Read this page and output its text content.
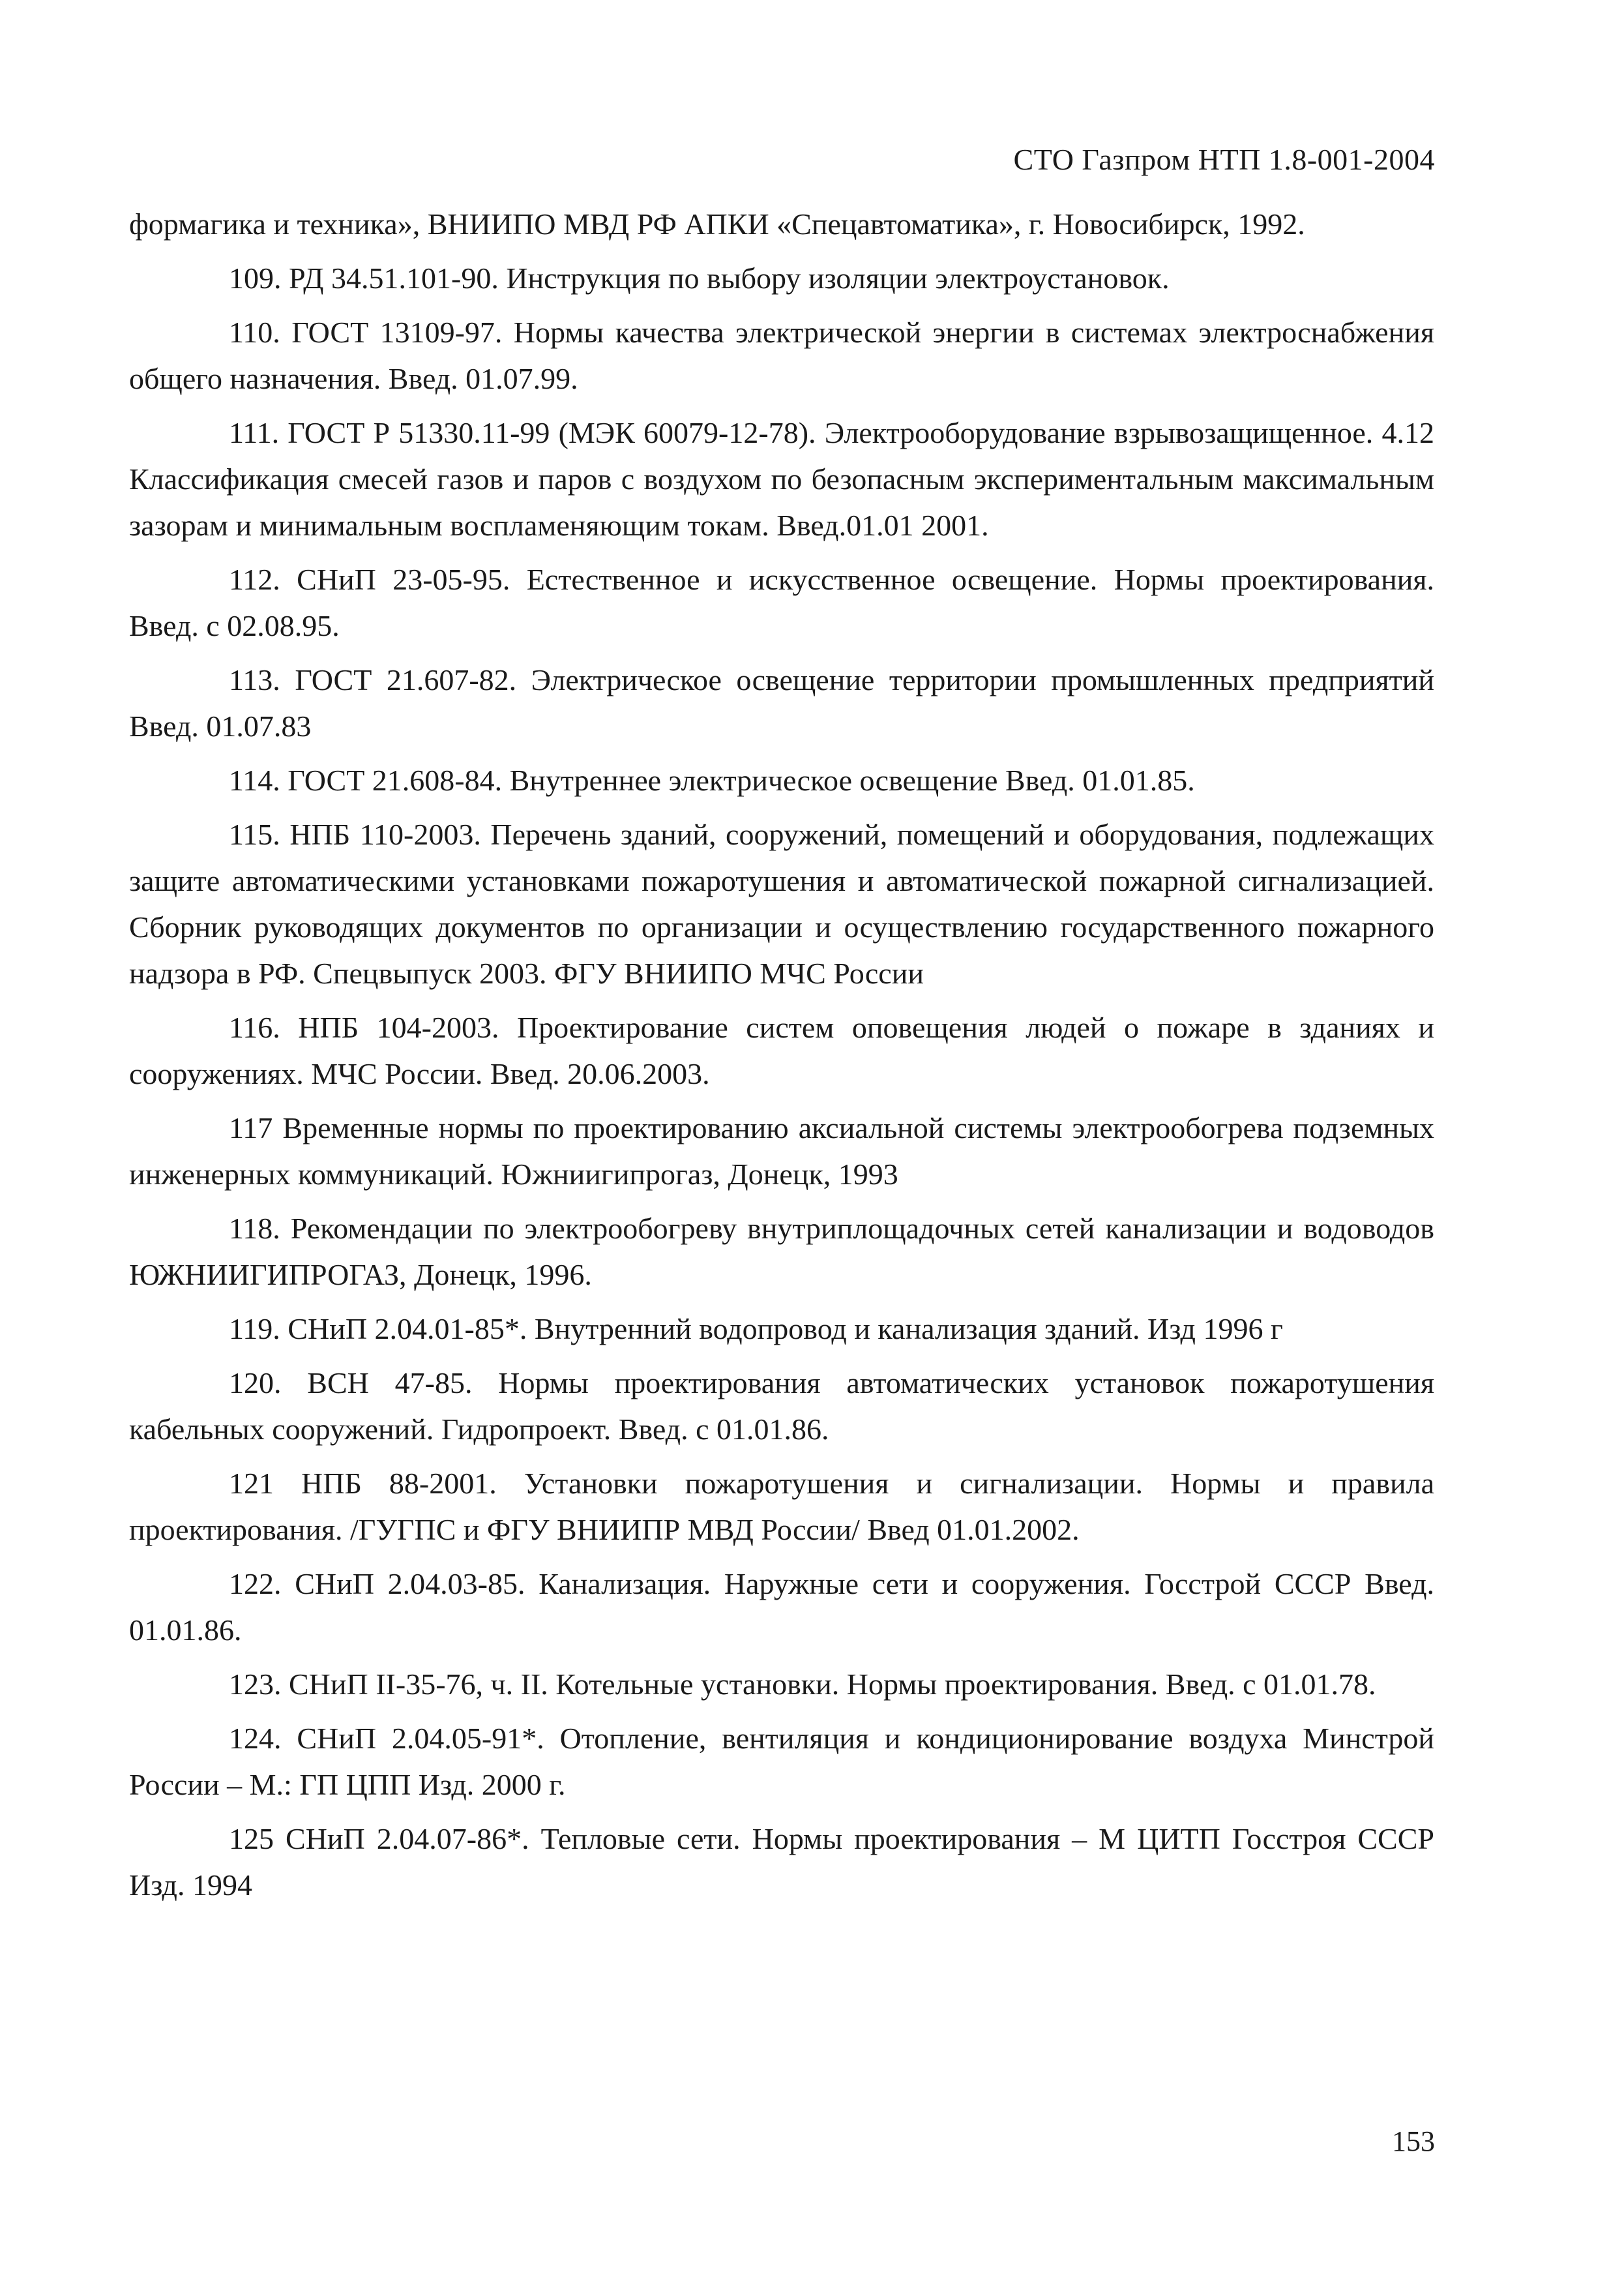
СТО Газпром НТП 1.8-001-2004

формагика и техника», ВНИИПО МВД РФ АПКИ «Спецавтоматика», г. Новосибирск, 1992.

109. РД 34.51.101-90. Инструкция по выбору изоляции электроустановок.

110. ГОСТ 13109-97. Нормы качества электрической энергии в системах электроснабжения общего назначения. Введ. 01.07.99.

111. ГОСТ Р 51330.11-99 (МЭК 60079-12-78). Электрооборудование взрывозащищенное. 4.12 Классификация смесей газов и паров с воздухом по безопасным экспериментальным максимальным зазорам и минимальным воспламеняющим токам. Введ.01.01 2001.

112. СНиП 23-05-95. Естественное и искусственное освещение. Нормы проектирования. Введ. с 02.08.95.

113. ГОСТ 21.607-82. Электрическое освещение территории промышленных предприятий Введ. 01.07.83

114. ГОСТ 21.608-84. Внутреннее электрическое освещение Введ. 01.01.85.

115. НПБ 110-2003. Перечень зданий, сооружений, помещений и оборудования, подлежащих защите автоматическими установками пожаротушения и автоматической пожарной сигнализацией. Сборник руководящих документов по организации и осуществлению государственного пожарного надзора в РФ. Спецвыпуск 2003. ФГУ ВНИИПО МЧС России

116. НПБ 104-2003. Проектирование систем оповещения людей о пожаре в зданиях и сооружениях. МЧС России. Введ. 20.06.2003.

117 Временные нормы по проектированию аксиальной системы электрообогрева подземных инженерных коммуникаций. Южниигипрогаз, Донецк, 1993

118. Рекомендации по электрообогреву внутриплощадочных сетей канализации и водоводов ЮЖНИИГИПРОГАЗ, Донецк, 1996.

119. СНиП 2.04.01-85*. Внутренний водопровод и канализация зданий. Изд 1996 г

120. ВСН 47-85. Нормы проектирования автоматических установок пожаротушения кабельных сооружений. Гидропроект. Введ. с 01.01.86.

121 НПБ 88-2001. Установки пожаротушения и сигнализации. Нормы и правила проектирования. /ГУГПС и ФГУ ВНИИПР МВД России/ Введ 01.01.2002.

122. СНиП 2.04.03-85. Канализация. Наружные сети и сооружения. Госстрой СССР Введ. 01.01.86.

123. СНиП II-35-76, ч. II. Котельные установки. Нормы проектирования. Введ. с 01.01.78.

124. СНиП 2.04.05-91*. Отопление, вентиляция и кондиционирование воздуха Минстрой России – М.: ГП ЦПП Изд. 2000 г.

125 СНиП 2.04.07-86*. Тепловые сети. Нормы проектирования – М ЦИТП Госстроя СССР Изд. 1994

153
